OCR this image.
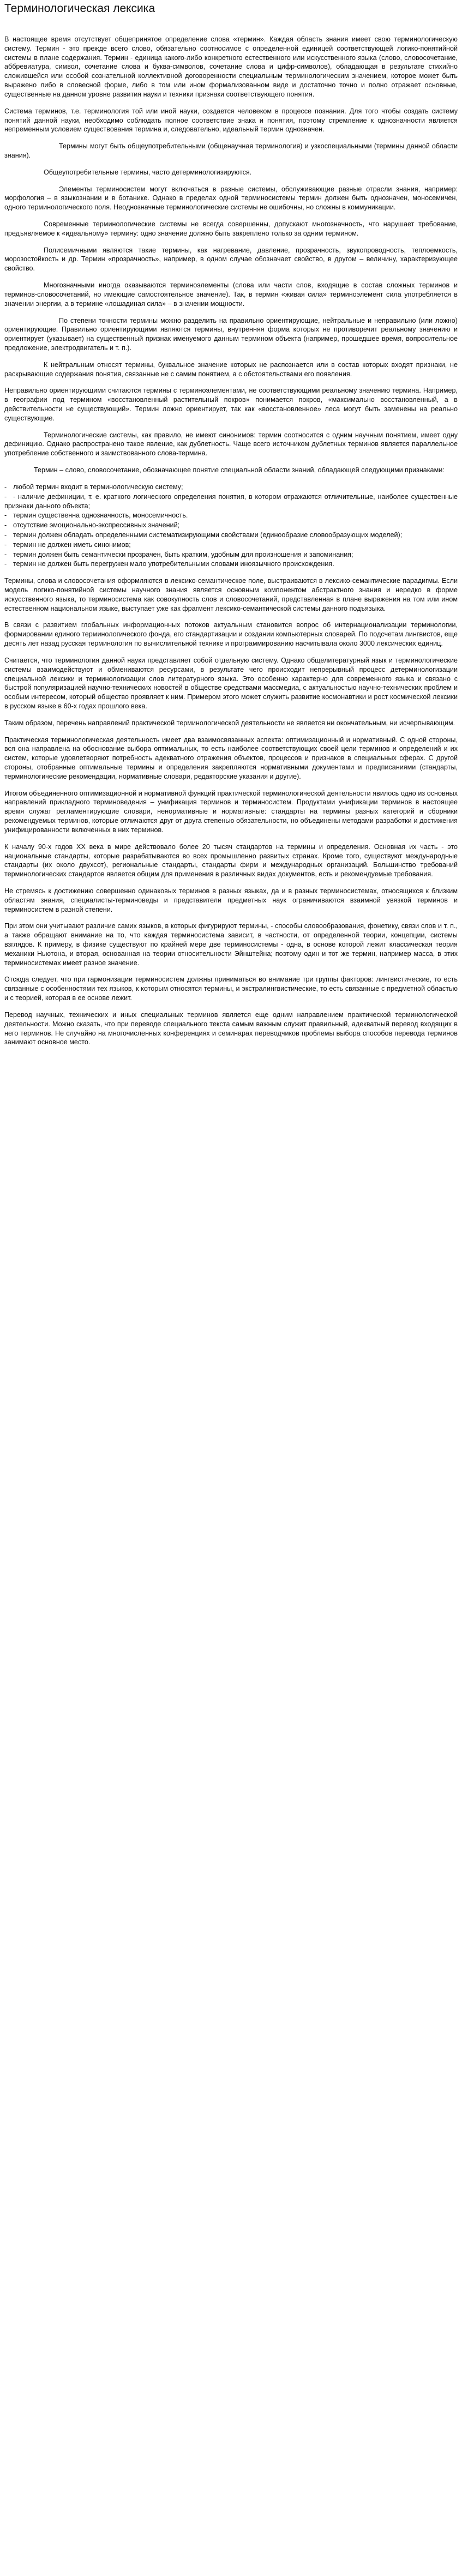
Терминологическая лексика

В настоящее время отсутствует общепринятое определение слова «термин». Каждая область знания имеет свою терминологическую систему. Термин - это прежде всего слово, обязательно соотносимое с определенной единицей соответствующей логико-понятийной системы в плане содержания. Термин - единица какого-либо конкретного естественного или искусственного языка (слово, словосочетание, аббревиатура, символ, сочетание слова и буква-символов, сочетание слова и цифр-символов), обладающая в результате стихийно сложившейся или особой сознательной коллективной договоренности специальным терминологическим значением, которое может быть выражено либо в словесной форме, либо в том или ином формализованном виде и достаточно точно и полно отражает основные, существенные на данном уровне развития науки и техники признаки соответствующего понятия.

Система терминов, т.е. терминология той или иной науки, создается человеком в процессе познания. Для того чтобы создать систему понятий данной науки, необходимо соблюдать полное соответствие знака и понятия, поэтому стремление к однозначности является непременным условием существования термина и, следовательно, идеальный термин однозначен.

Термины могут быть общеупотребительными (общенаучная терминология) и узкоспециальными (термины данной области знания).

Общеупотребительные термины, часто детерминологизируются.

Элементы терминосистем могут включаться в разные системы, обслуживающие разные отрасли знания, например: морфология – в языкознании и в ботанике. Однако в пределах одной терминосистемы термин должен быть однозначен, моносемичен, одного терминологического поля. Неоднозначные терминологические системы не ошибочны, но сложны в коммуникации.

Современные терминологические системы не всегда совершенны, допускают многозначность, что нарушает требование, предъявляемое к «идеальному» термину: одно значение должно быть закреплено только за одним термином.

Полисемичными являются такие термины, как нагревание, давление, прозрачность, звукопроводность, теплоемкость, морозостойкость и др. Термин «прозрачность», например, в одном случае обозначает свойство, в другом – величину, характеризующее свойство.

Многозначными иногда оказываются терминоэлементы (слова или части слов, входящие в состав сложных терминов и терминов-словосочетаний, но имеющие самостоятельное значение). Так, в термин «живая сила» терминоэлемент сила употребляется в значении энергии, а в термине «лошадиная сила» – в значении мощности.

По степени точности термины можно разделить на правильно ориентирующие, нейтральные и неправильно (или ложно) ориентирующие. Правильно ориентирующими являются термины, внутренняя форма которых не противоречит реальному значению и ориентирует (указывает) на существенный признак именуемого данным термином объекта (например, прошедшее время, вопросительное предложение, электродвигатель и т. п.).

К нейтральным относят термины, буквальное значение которых не распознается или в состав которых входят признаки, не раскрывающие содержания понятия, связанные не с самим понятием, а с обстоятельствами его появления.

Неправильно ориентирующими считаются термины с терминоэлементами, не соответствующими реальному значению термина. Например, в географии под термином «восстановленный растительный покров» понимается покров, «максимально восстановленный, а в действительности не существующий». Термин ложно ориентирует, так как «восстановленное» леса могут быть заменены на реально существующие.

Терминологические системы, как правило, не имеют синонимов: термин соотносится с одним научным понятием, имеет одну дефиницию. Однако распространено такое явление, как дублетность. Чаще всего источником дублетных терминов является параллельное употребление собственного и заимствованного слова-термина.

Термин – слово, словосочетание, обозначающее понятие специальной области знаний, обладающей следующими признаками:

- любой термин входит в терминологическую систему;

- - наличие дефиниции, т. е. краткого логического определения понятия, в котором отражаются отличительные, наиболее существенные признаки данного объекта;

- термин существенна однозначность, моносемичность.

- отсутствие эмоционально-экспрессивных значений;

- термин должен обладать определенными систематизирующими свойствами (единообразие словообразующих моделей);

- термин не должен иметь синонимов;

- термин должен быть семантически прозрачен, быть кратким, удобным для произношения и запоминания;

- термин не должен быть перегружен мало употребительными словами иноязычного происхождения.

Термины, слова и словосочетания оформляются в лексико-семантическое поле, выстраиваются в лексико-семантические парадигмы. Если модель логико-понятийной системы научного знания является основным компонентом абстрактного знания и нередко в форме искусственного языка, то терминосистема как совокупность слов и словосочетаний, представленная в плане выражения на том или ином естественном национальном языке, выступает уже как фрагмент лексико-семантической системы данного подъязыка.

В связи с развитием глобальных информационных потоков актуальным становится вопрос об интернационализации терминологии, формировании единого терминологического фонда, его стандартизации и создании компьютерных словарей. По подсчетам лингвистов, еще десять лет назад русская терминология по вычислительной технике и программированию насчитывала около 3000 лексических единиц.

Считается, что терминология данной науки представляет собой отдельную систему. Однако общелитературный язык и терминологические системы взаимодействуют и обмениваются ресурсами, в результате чего происходит непрерывный процесс детерминологизации специальной лексики и терминологизации слов литературного языка. Это особенно характерно для современного языка и связано с быстрой популяризацией научно-технических новостей в обществе средствами массмедиа, с актуальностью научно-технических проблем и особым интересом, который общество проявляет к ним. Примером этого может служить развитие космонавтики и рост космической лексики в русском языке в 60-х годах прошлого века.

Таким образом, перечень направлений практической терминологической деятельности не является ни окончательным, ни исчерпывающим.

Практическая терминологическая деятельность имеет два взаимосвязанных аспекта: оптимизационный и нормативный. С одной стороны, вся она направлена на обоснование выбора оптимальных, то есть наиболее соответствующих своей цели терминов и определений и их систем, которые удовлетворяют потребность адекватного отражения объектов, процессов и признаков в специальных сферах. С другой стороны, отобранные оптимальные термины и определения закрепляются нормативными документами и предписаниями (стандарты, терминологические рекомендации, нормативные словари, редакторские указания и другие).

Итогом объединенного оптимизационной и нормативной функций практической терминологической деятельности явилось одно из основных направлений прикладного терминоведения – унификация терминов и терминосистем. Продуктами унификации терминов в настоящее время служат регламентирующие словари, ненормативные и нормативные: стандарты на термины разных категорий и сборники рекомендуемых терминов, которые отличаются друг от друга степенью обязательности, но объединены методами разработки и достижения унифицированности включенных в них терминов.

К началу 90-х годов XX века в мире действовало более 20 тысяч стандартов на термины и определения. Основная их часть - это национальные стандарты, которые разрабатываются во всех промышленно развитых странах. Кроме того, существуют международные стандарты (их около двухсот), региональные стандарты, стандарты фирм и международных организаций. Большинство требований терминологических стандартов является общим для применения в различных видах документов, есть и рекомендуемые требования.

Не стремясь к достижению совершенно одинаковых терминов в разных языках, да и в разных терминосистемах, относящихся к близким областям знания, специалисты-терминоведы и представители предметных наук ограничиваются взаимной увязкой терминов и терминосистем в разной степени.

При этом они учитывают различие самих языков, в которых фигурируют термины, - способы словообразования, фонетику, связи слов и т. п., а также обращают внимание на то, что каждая терминосистема зависит, в частности, от определенной теории, концепции, системы взглядов. К примеру, в физике существуют по крайней мере две терминосистемы - одна, в основе которой лежит классическая теория механики Ньютона, и вторая, основанная на теории относительности Эйнштейна; поэтому один и тот же термин, например масса, в этих терминосистемах имеет разное значение.

Отсюда следует, что при гармонизации терминосистем должны приниматься во внимание три группы факторов: лингвистические, то есть связанные с особенностями тех языков, к которым относятся термины, и экстралингвистические, то есть связанные с предметной областью и с теорией, которая в ее основе лежит.

Перевод научных, технических и иных специальных терминов является еще одним направлением практической терминологической деятельности. Можно сказать, что при переводе специального текста самым важным служит правильный, адекватный перевод входящих в него терминов. Не случайно на многочисленных конференциях и семинарах переводчиков проблемы выбора способов перевода терминов занимают основное место.
